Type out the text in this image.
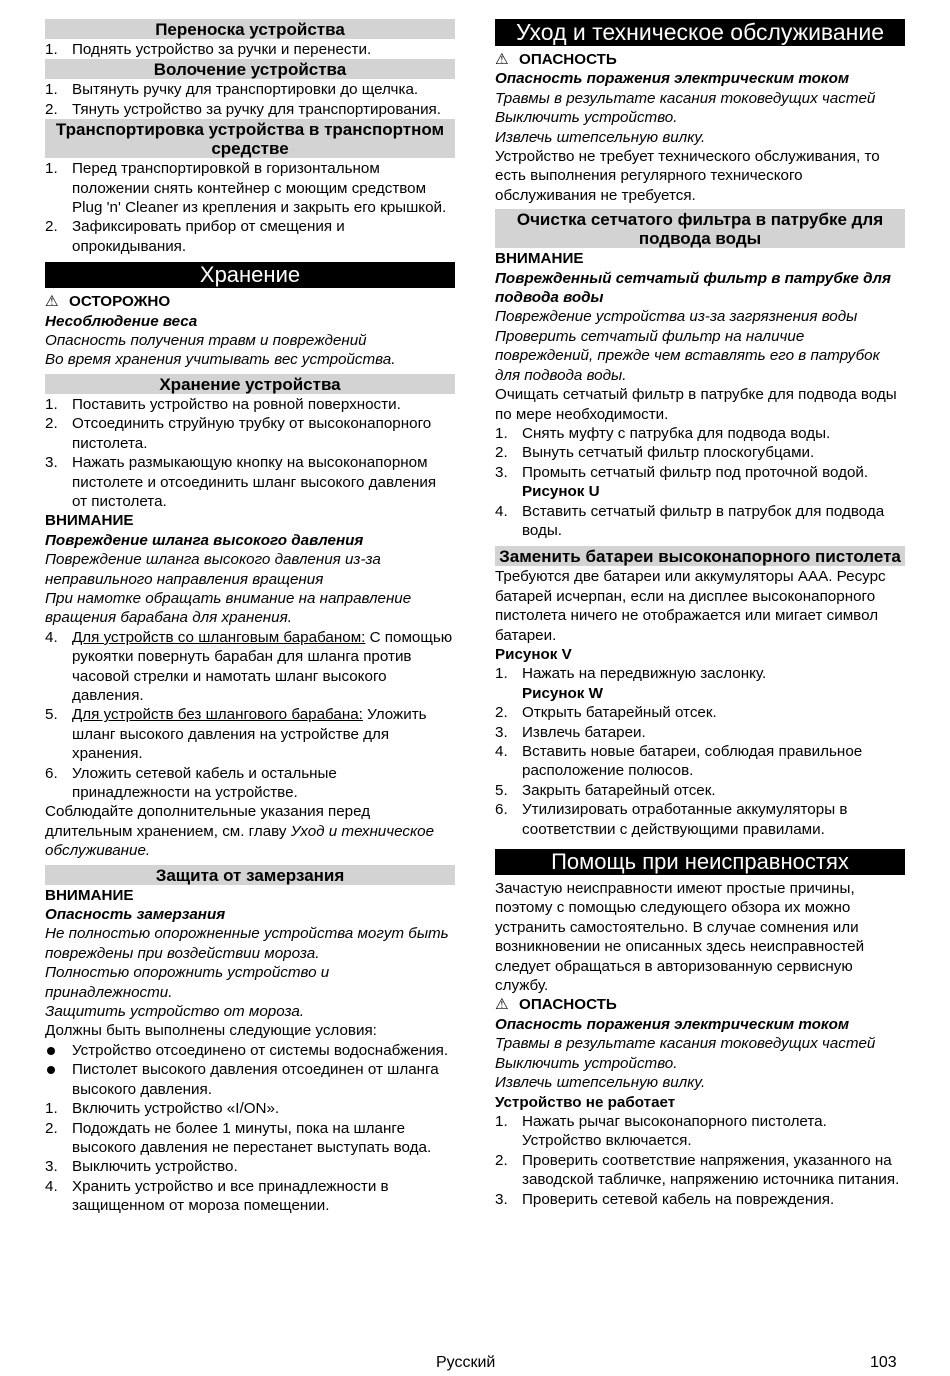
Переноска устройства
1. Поднять устройство за ручки и перенести.
Волочение устройства
1. Вытянуть ручку для транспортировки до щелчка.
2. Тянуть устройство за ручку для транспортирования.
Транспортировка устройства в транспортном средстве
1. Перед транспортировкой в горизонтальном положении снять контейнер с моющим средством Plug 'n' Cleaner из крепления и закрыть его крышкой.
2. Зафиксировать прибор от смещения и опрокидывания.
Хранение
⚠ ОСТОРОЖНО

Несоблюдение веса

Опасность получения травм и повреждений

Во время хранения учитывать вес устройства.

Хранение устройства
1. Поставить устройство на ровной поверхности.
2. Отсоединить струйную трубку от высоконапорного пистолета.
3. Нажать размыкающую кнопку на высоконапорном пистолете и отсоединить шланг высокого давления от пистолета.

ВНИМАНИЕ

Повреждение шланга высокого давления

Повреждение шланга высокого давления из-за неправильного направления вращения

При намотке обращать внимание на направление вращения барабана для хранения.

4. Для устройств со шланговым барабаном: С помощью рукоятки повернуть барабан для шланга против часовой стрелки и намотать шланг высокого давления.
5. Для устройств без шлангового барабана: Уложить шланг высокого давления на устройстве для хранения.
6. Уложить сетевой кабель и остальные принадлежности на устройстве.

Соблюдайте дополнительные указания перед длительным хранением, см. главу Уход и техническое обслуживание.

Защита от замерзания

ВНИМАНИЕ

Опасность замерзания

Не полностью опорожненные устройства могут быть повреждены при воздействии мороза.

Полностью опорожнить устройство и принадлежности.

Защитить устройство от мороза.

Должны быть выполнены следующие условия:

Устройство отсоединено от системы водоснабжения.
Пистолет высокого давления отсоединен от шланга высокого давления.
1. Включить устройство «I/ON».
2. Подождать не более 1 минуты, пока на шланге высокого давления не перестанет выступать вода.
3. Выключить устройство.
4. Хранить устройство и все принадлежности в защищенном от мороза помещении.
Уход и техническое обслуживание
⚠ ОПАСНОСТЬ

Опасность поражения электрическим током

Травмы в результате касания токоведущих частей

Выключить устройство.

Извлечь штепсельную вилку.

Устройство не требует технического обслуживания, то есть выполнения регулярного технического обслуживания не требуется.

Очистка сетчатого фильтра в патрубке для подвода воды

ВНИМАНИЕ

Поврежденный сетчатый фильтр в патрубке для подвода воды

Повреждение устройства из-за загрязнения воды

Проверить сетчатый фильтр на наличие повреждений, прежде чем вставлять его в патрубок для подвода воды.

Очищать сетчатый фильтр в патрубке для подвода воды по мере необходимости.

1. Снять муфту с патрубка для подвода воды.
2. Вынуть сетчатый фильтр плоскогубцами.
3. Промыть сетчатый фильтр под проточной водой.
Рисунок U
4. Вставить сетчатый фильтр в патрубок для подвода воды.
Заменить батареи высоконапорного пистолета

Требуются две батареи или аккумуляторы AAA. Ресурс батарей исчерпан, если на дисплее высоконапорного пистолета ничего не отображается или мигает символ батареи.

Рисунок V

1. Нажать на передвижную заслонку.
Рисунок W
2. Открыть батарейный отсек.
3. Извлечь батареи.
4. Вставить новые батареи, соблюдая правильное расположение полюсов.
5. Закрыть батарейный отсек.
6. Утилизировать отработанные аккумуляторы в соответствии с действующими правилами.
Помощь при неисправностях

Зачастую неисправности имеют простые причины, поэтому с помощью следующего обзора их можно устранить самостоятельно. В случае сомнения или возникновении не описанных здесь неисправностей следует обращаться в авторизованную сервисную службу.

⚠ ОПАСНОСТЬ

Опасность поражения электрическим током

Травмы в результате касания токоведущих частей

Выключить устройство.

Извлечь штепсельную вилку.

Устройство не работает

1. Нажать рычаг высоконапорного пистолета. Устройство включается.
2. Проверить соответствие напряжения, указанного на заводской табличке, напряжению источника питания.
3. Проверить сетевой кабель на повреждения.
Русский	103
